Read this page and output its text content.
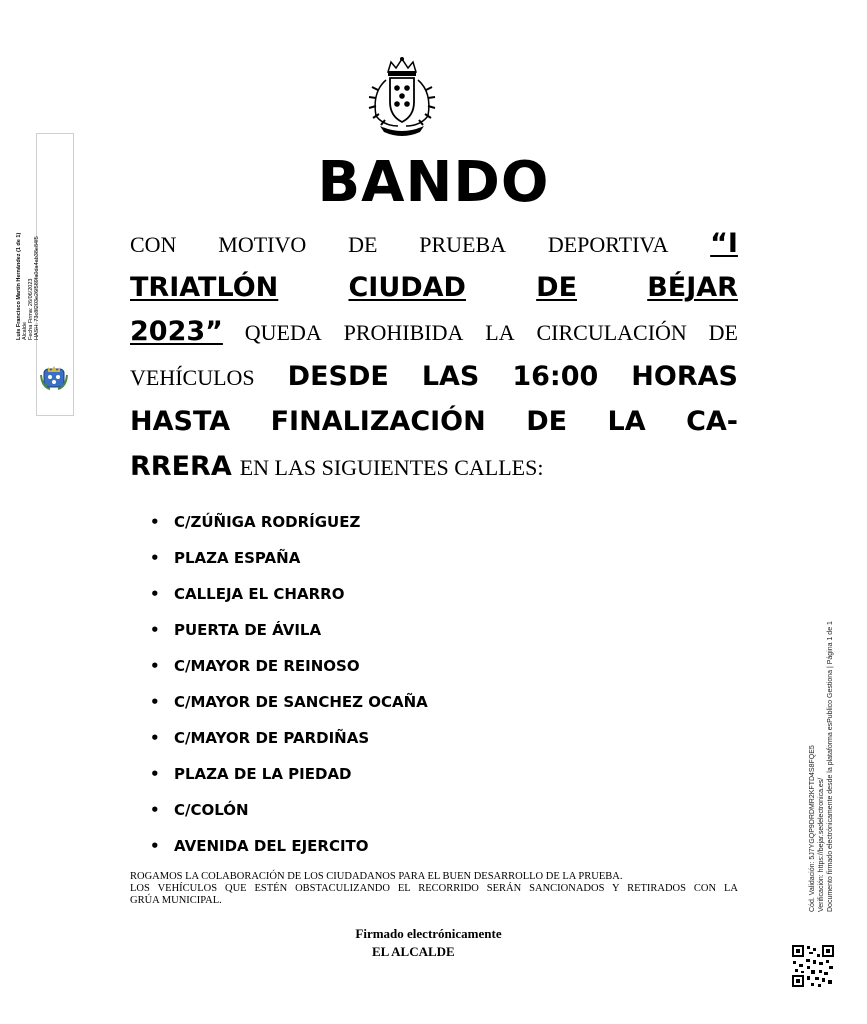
BANDO
CON MOTIVO DE PRUEBA DEPORTIVA “I
TRIATLÓN	CIUDAD	DE	BÉJAR
2023” QUEDA PROHIBIDA LA CIRCULACIÓN DE
VEHÍCULOS DESDE LAS 16:00 HORAS
HASTA FINALIZACIÓN DE LA CA-
RRERA EN LAS SIGUIENTES CALLES:
• C/ZÚÑIGA RODRÍGUEZ
• PLAZA ESPAÑA
• CALLEJA EL CHARRO
• PUERTA DE ÁVILA
• C/MAYOR DE REINOSO
• C/MAYOR DE SANCHEZ OCAÑA
• C/MAYOR DE PARDIÑAS
• PLAZA DE LA PIEDAD
• C/COLÓN
• AVENIDA DEL EJERCITO
ROGAMOS LA COLABORACIÓN DE LOS CIUDADANOS PARA EL BUEN DESARROLLO DE LA PRUEBA.
LOS VEHÍCULOS QUE ESTÉN OBSTACULIZANDO EL RECORRIDO SERÁN SANCIONADOS Y RETIRADOS CON LA
GRÚA MUNICIPAL.
Firmado electrónicamente
EL ALCALDE
Luis Francisco Martín Hernández (1 de 1) Alcalde Fecha Firma: 26/06/2023 HASH: 73c8f203e26f589fa0da4ab38e84f5
Cód. Validación: 5J7YGQP9DRDMR2KFTD4S8FQE5 Verificación: https://bejar.sedelectronica.es/ Documento firmado electrónicamente desde la plataforma esPublico Gestiona | Página 1 de 1
